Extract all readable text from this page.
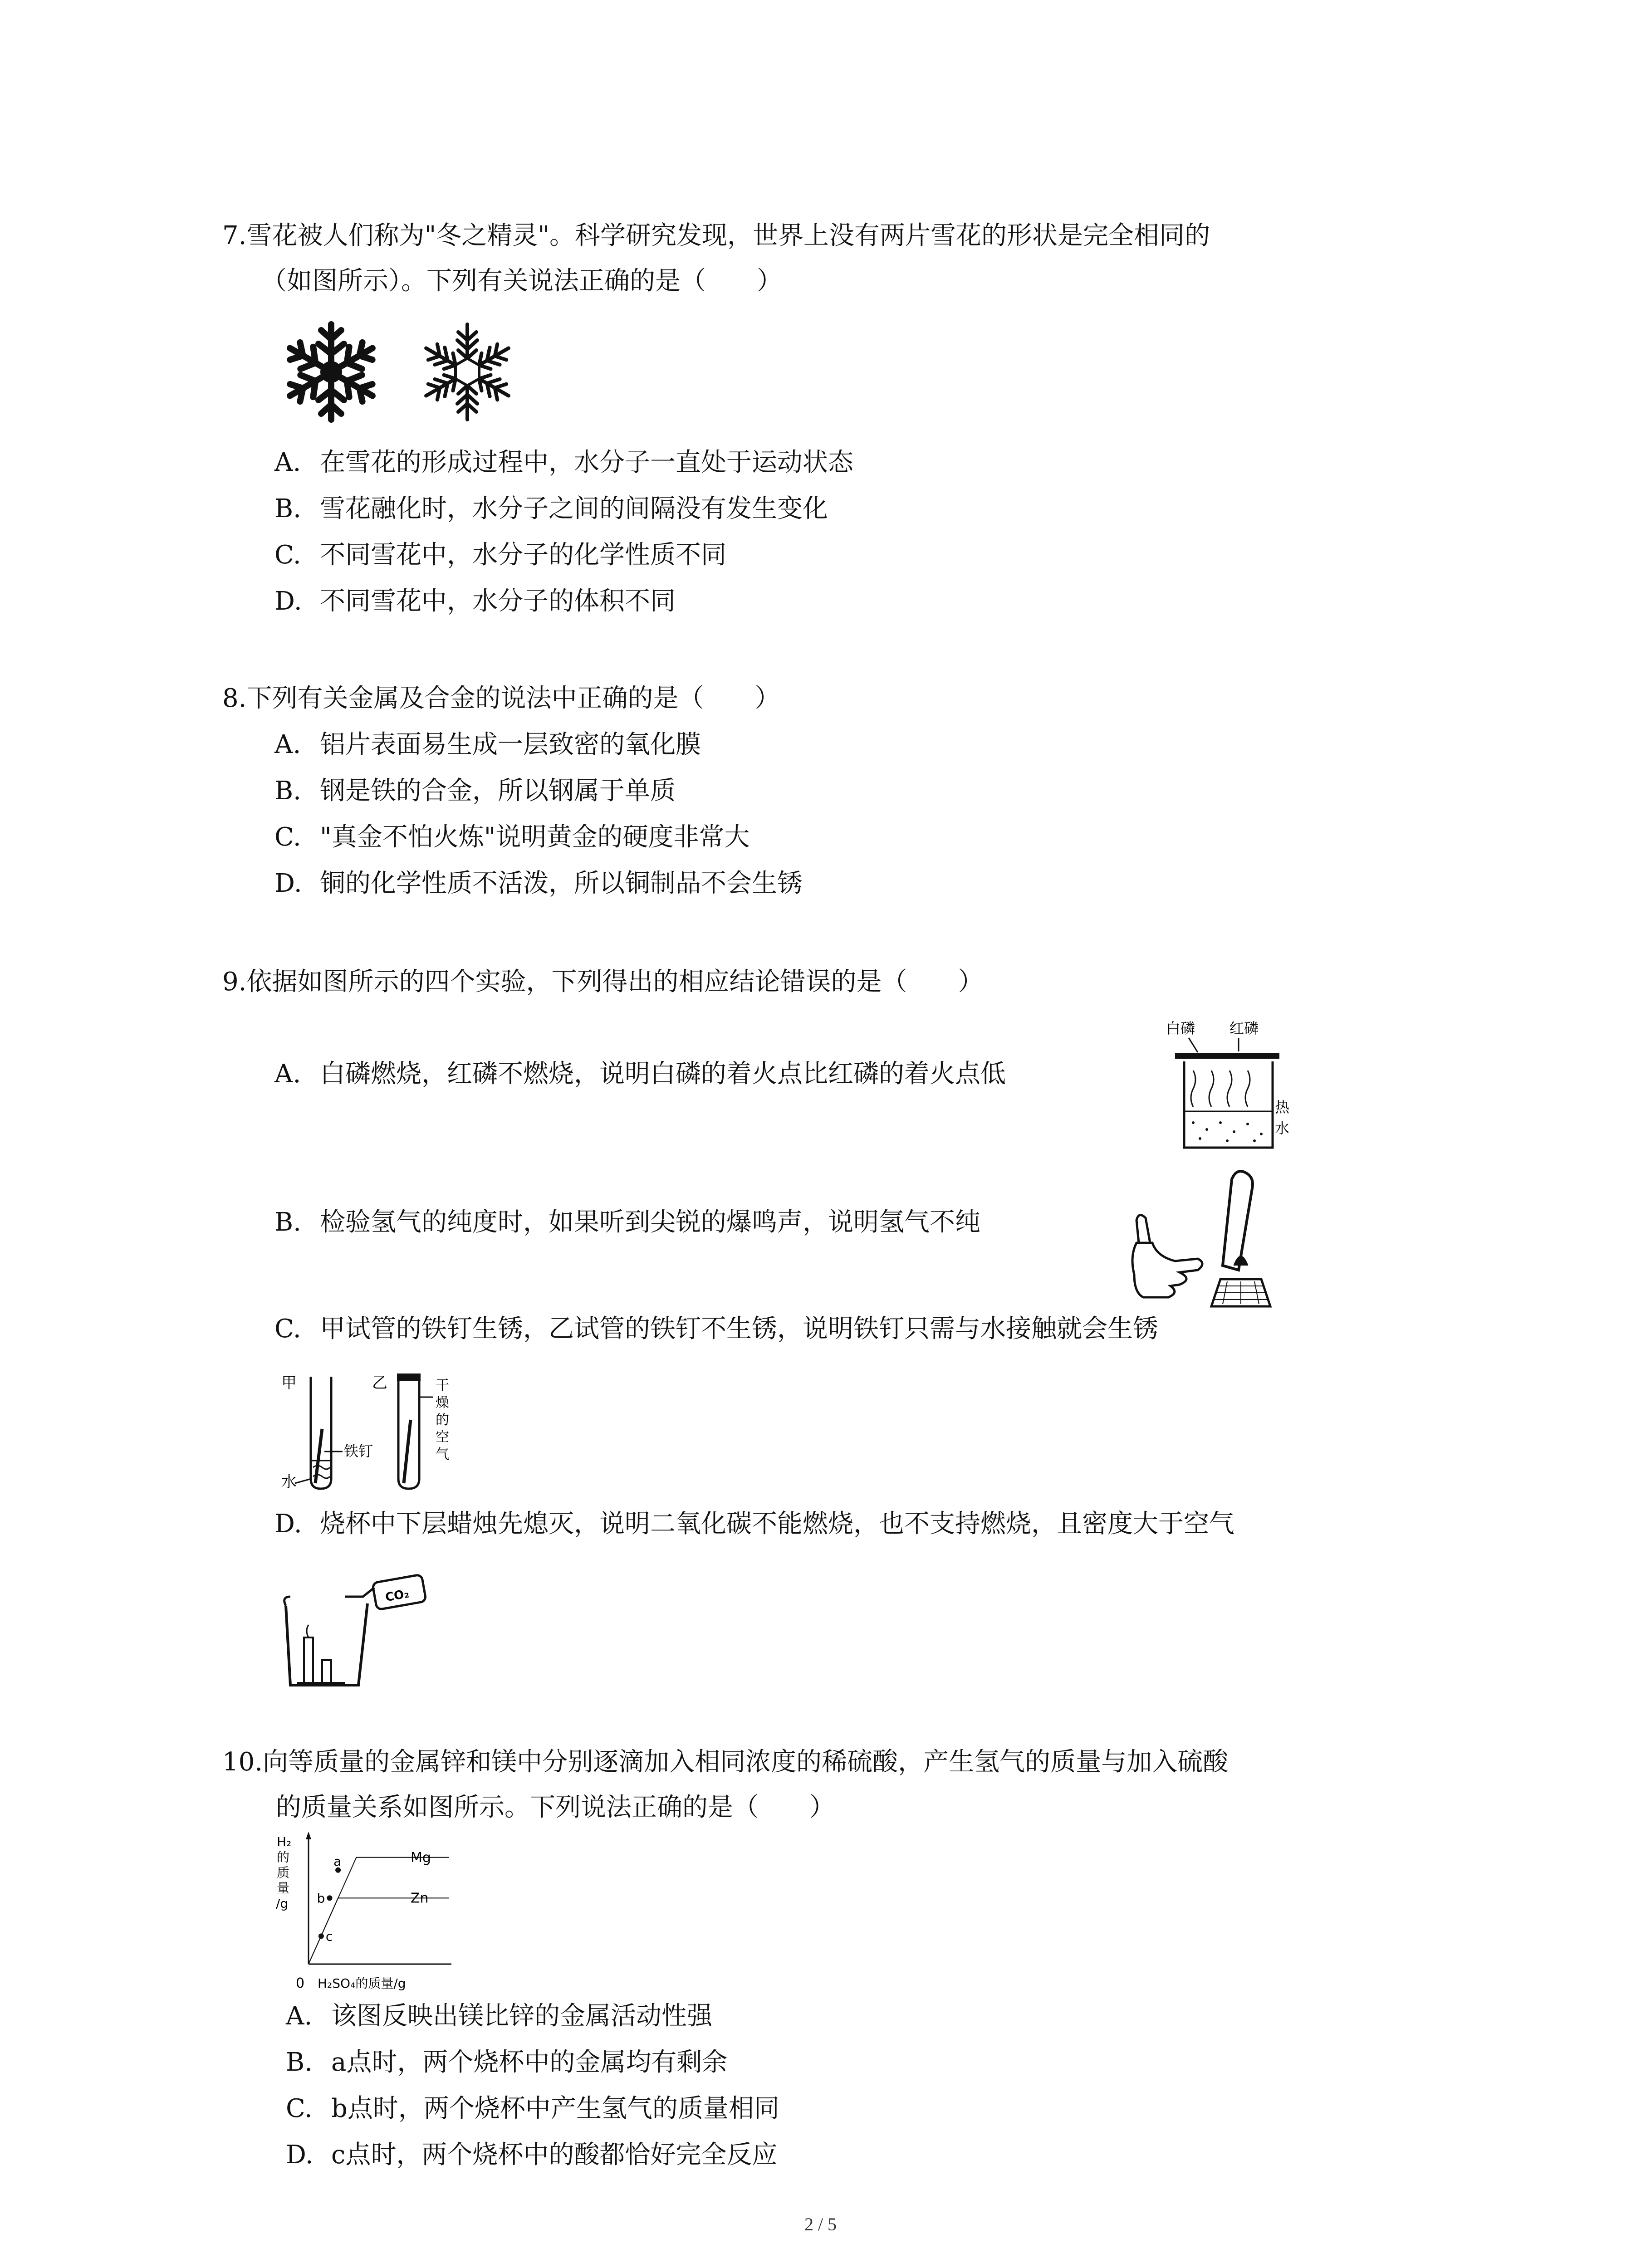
7.雪花被人们称为"冬之精灵"。科学研究发现，世界上没有两片雪花的形状是完全相同的
（如图所示）。下列有关说法正确的是（　　）
A. 在雪花的形成过程中，水分子一直处于运动状态
B. 雪花融化时，水分子之间的间隔没有发生变化
C. 不同雪花中，水分子的化学性质不同
D. 不同雪花中，水分子的体积不同
8.下列有关金属及合金的说法中正确的是（　　）
A. 铝片表面易生成一层致密的氧化膜
B. 钢是铁的合金，所以钢属于单质
C. "真金不怕火炼"说明黄金的硬度非常大
D. 铜的化学性质不活泼，所以铜制品不会生锈
9.依据如图所示的四个实验，下列得出的相应结论错误的是（　　）
A. 白磷燃烧，红磷不燃烧，说明白磷的着火点比红磷的着火点低
白磷 红磷
热
水
B. 检验氢气的纯度时，如果听到尖锐的爆鸣声，说明氢气不纯
C. 甲试管的铁钉生锈，乙试管的铁钉不生锈，说明铁钉只需与水接触就会生锈
甲
水
铁钉
乙	干
燥
的
空
气
D. 烧杯中下层蜡烛先熄灭，说明二氧化碳不能燃烧，也不支持燃烧，且密度大于空气
CO₂
10.向等质量的金属锌和镁中分别逐滴加入相同浓度的稀硫酸，产生氢气的质量与加入硫酸
的质量关系如图所示。下列说法正确的是（　　）
H₂
的
质
量
/g
0 H₂SO₄的质量/g
Mg
Zn
a
b
c
A. 该图反映出镁比锌的金属活动性强
B. a点时，两个烧杯中的金属均有剩余
C. b点时，两个烧杯中产生氢气的质量相同
D. c点时，两个烧杯中的酸都恰好完全反应
2 / 5
